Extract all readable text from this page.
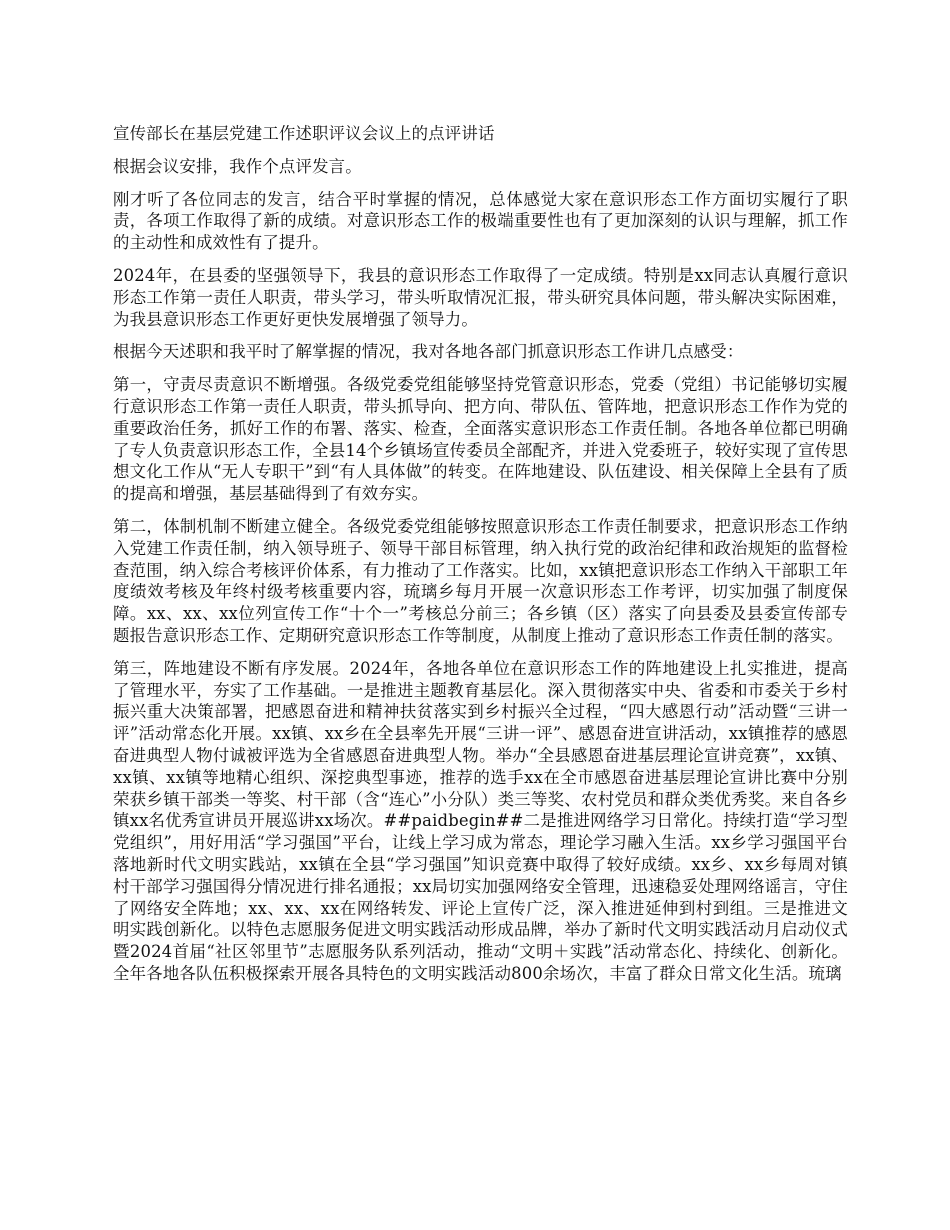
宣传部长在基层党建工作述职评议会议上的点评讲话

根据会议安排，我作个点评发言。

刚才听了各位同志的发言，结合平时掌握的情况，总体感觉大家在意识形态工作方面切实履行了职责，各项工作取得了新的成绩。对意识形态工作的极端重要性也有了更加深刻的认识与理解，抓工作的主动性和成效性有了提升。

2024年，在县委的坚强领导下，我县的意识形态工作取得了一定成绩。特别是xx同志认真履行意识形态工作第一责任人职责，带头学习，带头听取情况汇报，带头研究具体问题，带头解决实际困难，为我县意识形态工作更好更快发展增强了领导力。

根据今天述职和我平时了解掌握的情况，我对各地各部门抓意识形态工作讲几点感受：

第一，守责尽责意识不断增强。各级党委党组能够坚持党管意识形态，党委（党组）书记能够切实履行意识形态工作第一责任人职责，带头抓导向、把方向、带队伍、管阵地，把意识形态工作作为党的重要政治任务，抓好工作的布署、落实、检查，全面落实意识形态工作责任制。各地各单位都已明确了专人负责意识形态工作，全县14个乡镇场宣传委员全部配齐，并进入党委班子，较好实现了宣传思想文化工作从“无人专职干”到“有人具体做”的转变。在阵地建设、队伍建设、相关保障上全县有了质的提高和增强，基层基础得到了有效夯实。

第二，体制机制不断建立健全。各级党委党组能够按照意识形态工作责任制要求，把意识形态工作纳入党建工作责任制，纳入领导班子、领导干部目标管理，纳入执行党的政治纪律和政治规矩的监督检查范围，纳入综合考核评价体系，有力推动了工作落实。比如，xx镇把意识形态工作纳入干部职工年度绩效考核及年终村级考核重要内容，琉璃乡每月开展一次意识形态工作考评，切实加强了制度保障。xx、xx、xx位列宣传工作“十个一”考核总分前三；各乡镇（区）落实了向县委及县委宣传部专题报告意识形态工作、定期研究意识形态工作等制度，从制度上推动了意识形态工作责任制的落实。

第三，阵地建设不断有序发展。2024年，各地各单位在意识形态工作的阵地建设上扎实推进，提高了管理水平，夯实了工作基础。一是推进主题教育基层化。深入贯彻落实中央、省委和市委关于乡村振兴重大决策部署，把感恩奋进和精神扶贫落实到乡村振兴全过程，“四大感恩行动”活动暨“三讲一评”活动常态化开展。xx镇、xx乡在全县率先开展“三讲一评”、感恩奋进宣讲活动，xx镇推荐的感恩奋进典型人物付诚被评选为全省感恩奋进典型人物。举办“全县感恩奋进基层理论宣讲竞赛”，xx镇、xx镇、xx镇等地精心组织、深挖典型事迹，推荐的选手xx在全市感恩奋进基层理论宣讲比赛中分别荣获乡镇干部类一等奖、村干部（含“连心”小分队）类三等奖、农村党员和群众类优秀奖。来自各乡镇xx名优秀宣讲员开展巡讲xx场次。##paidbegin##二是推进网络学习日常化。持续打造“学习型党组织”，用好用活“学习强国”平台，让线上学习成为常态，理论学习融入生活。xx乡学习强国平台落地新时代文明实践站，xx镇在全县“学习强国”知识竞赛中取得了较好成绩。xx乡、xx乡每周对镇村干部学习强国得分情况进行排名通报；xx局切实加强网络安全管理，迅速稳妥处理网络谣言，守住了网络安全阵地；xx、xx、xx在网络转发、评论上宣传广泛，深入推进延伸到村到组。三是推进文明实践创新化。以特色志愿服务促进文明实践活动形成品牌，举办了新时代文明实践活动月启动仪式暨2024首届“社区邻里节”志愿服务队系列活动，推动“文明＋实践”活动常态化、持续化、创新化。全年各地各队伍积极探索开展各具特色的文明实践活动800余场次，丰富了群众日常文化生活。琉璃
